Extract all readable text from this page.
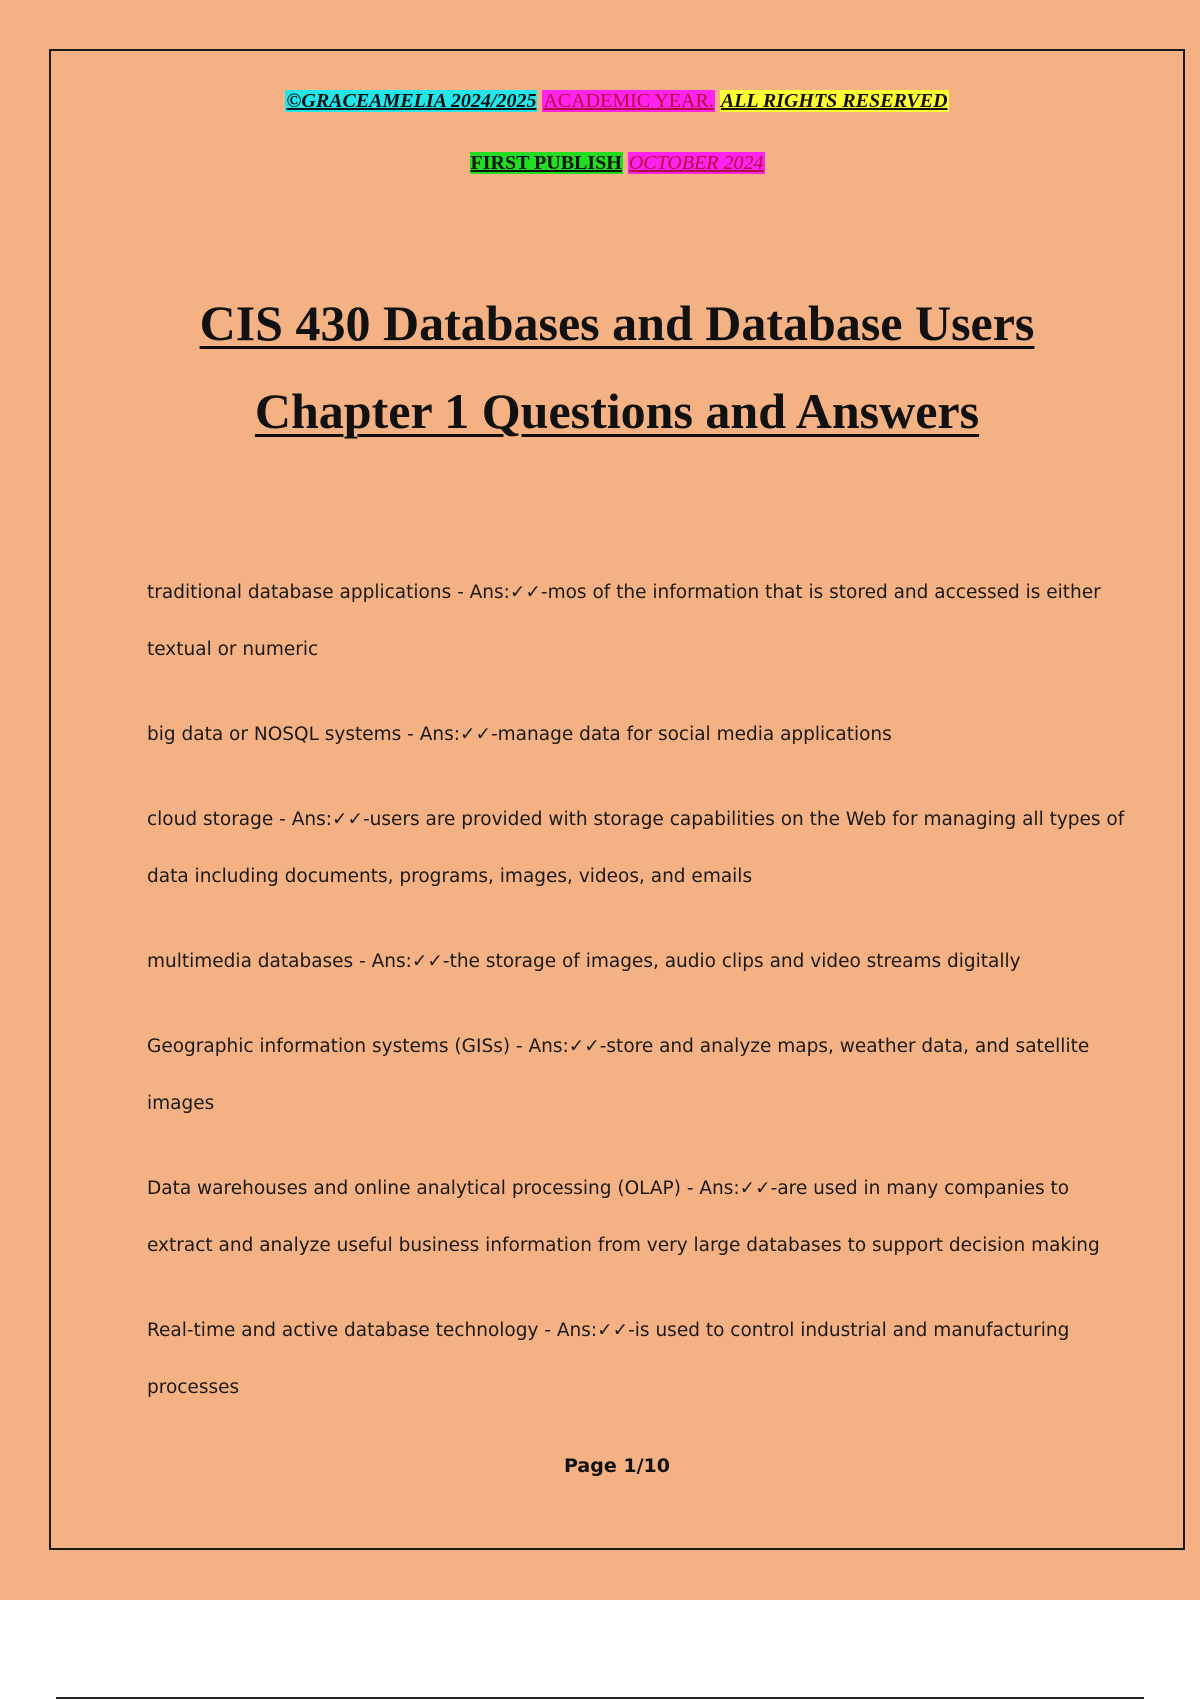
©GRACEAMELIA 2024/2025 ACADEMIC YEAR. ALL RIGHTS RESERVED
FIRST PUBLISH OCTOBER 2024
CIS 430 Databases and Database Users
Chapter 1 Questions and Answers
traditional database applications - Ans:✓✓-mos of the information that is stored and accessed is either textual or numeric
big data or NOSQL systems - Ans:✓✓-manage data for social media applications
cloud storage - Ans:✓✓-users are provided with storage capabilities on the Web for managing all types of data including documents, programs, images, videos, and emails
multimedia databases - Ans:✓✓-the storage of images, audio clips and video streams digitally
Geographic information systems (GISs) - Ans:✓✓-store and analyze maps, weather data, and satellite images
Data warehouses and online analytical processing (OLAP) - Ans:✓✓-are used in many companies to extract and analyze useful business information from very large databases to support decision making
Real-time and active database technology - Ans:✓✓-is used to control industrial and manufacturing processes
Page 1/10
